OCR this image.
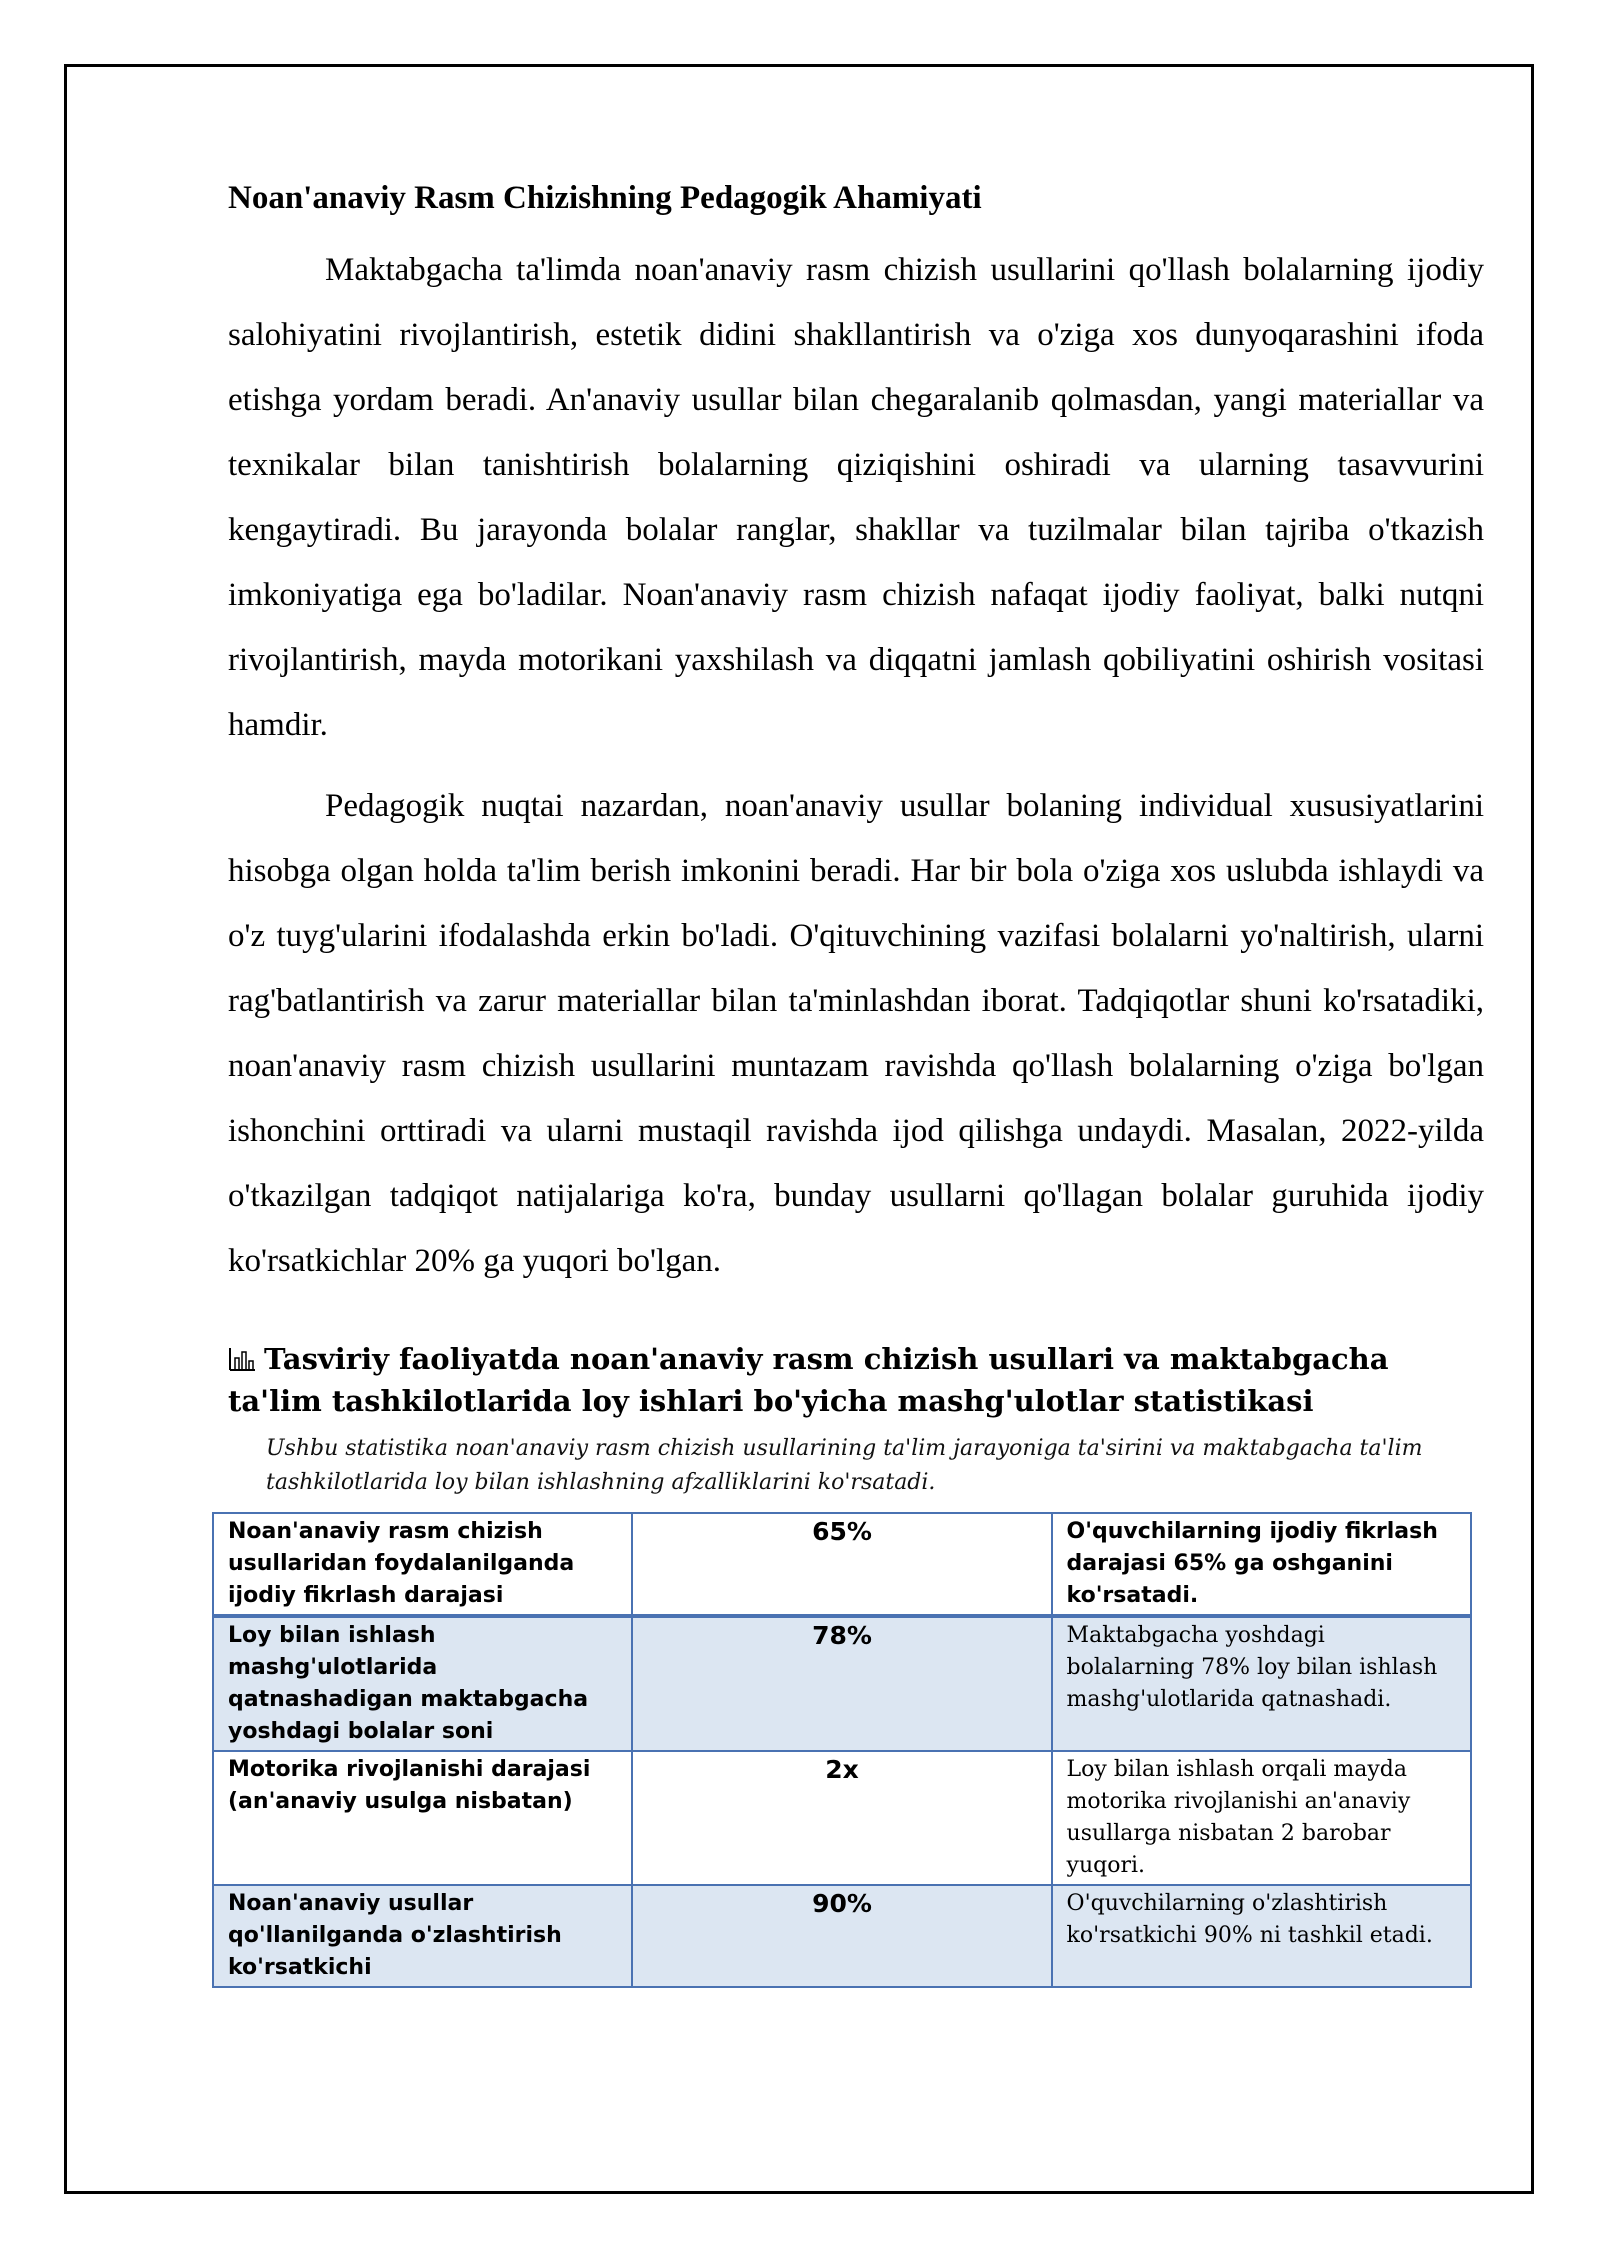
Noan'anaviy Rasm Chizishning Pedagogik Ahamiyati

Maktabgacha ta'limda noan'anaviy rasm chizish usullarini qo'llash bolalarning ijodiy salohiyatini rivojlantirish, estetik didini shakllantirish va o'ziga xos dunyoqarashini ifoda etishga yordam beradi. An'anaviy usullar bilan chegaralanib qolmasdan, yangi materiallar va texnikalar bilan tanishtirish bolalarning qiziqishini oshiradi va ularning tasavvurini kengaytiradi. Bu jarayonda bolalar ranglar, shakllar va tuzilmalar bilan tajriba o'tkazish imkoniyatiga ega bo'ladilar. Noan'anaviy rasm chizish nafaqat ijodiy faoliyat, balki nutqni rivojlantirish, mayda motorikani yaxshilash va diqqatni jamlash qobiliyatini oshirish vositasi hamdir.

Pedagogik nuqtai nazardan, noan'anaviy usullar bolaning individual xususiyatlarini hisobga olgan holda ta'lim berish imkonini beradi. Har bir bola o'ziga xos uslubda ishlaydi va o'z tuyg'ularini ifodalashda erkin bo'ladi. O'qituvchining vazifasi bolalarni yo'naltirish, ularni rag'batlantirish va zarur materiallar bilan ta'minlashdan iborat. Tadqiqotlar shuni ko'rsatadiki, noan'anaviy rasm chizish usullarini muntazam ravishda qo'llash bolalarning o'ziga bo'lgan ishonchini orttiradi va ularni mustaqil ravishda ijod qilishga undaydi. Masalan, 2022-yilda o'tkazilgan tadqiqot natijalariga ko'ra, bunday usullarni qo'llagan bolalar guruhida ijodiy ko'rsatkichlar 20% ga yuqori bo'lgan.

Tasviriy faoliyatda noan'anaviy rasm chizish usullari va maktabgacha ta'lim tashkilotlarida loy ishlari bo'yicha mashg'ulotlar statistikasi
Ushbu statistika noan'anaviy rasm chizish usullarining ta'lim jarayoniga ta'sirini va maktabgacha ta'lim tashkilotlarida loy bilan ishlashning afzalliklarini ko'rsatadi.
Noan'anaviy rasm chizish usullaridan foydalanilganda ijodiy fikrlash darajasi	65%	O'quvchilarning ijodiy fikrlash darajasi 65% ga oshganini ko'rsatadi.
Loy bilan ishlash mashg'ulotlarida qatnashadigan maktabgacha yoshdagi bolalar soni	78%	Maktabgacha yoshdagi bolalarning 78% loy bilan ishlash mashg'ulotlarida qatnashadi.
Motorika rivojlanishi darajasi (an'anaviy usulga nisbatan)	2x	Loy bilan ishlash orqali mayda motorika rivojlanishi an'anaviy usullarga nisbatan 2 barobar yuqori.
Noan'anaviy usullar qo'llanilganda o'zlashtirish ko'rsatkichi	90%	O'quvchilarning o'zlashtirish ko'rsatkichi 90% ni tashkil etadi.
